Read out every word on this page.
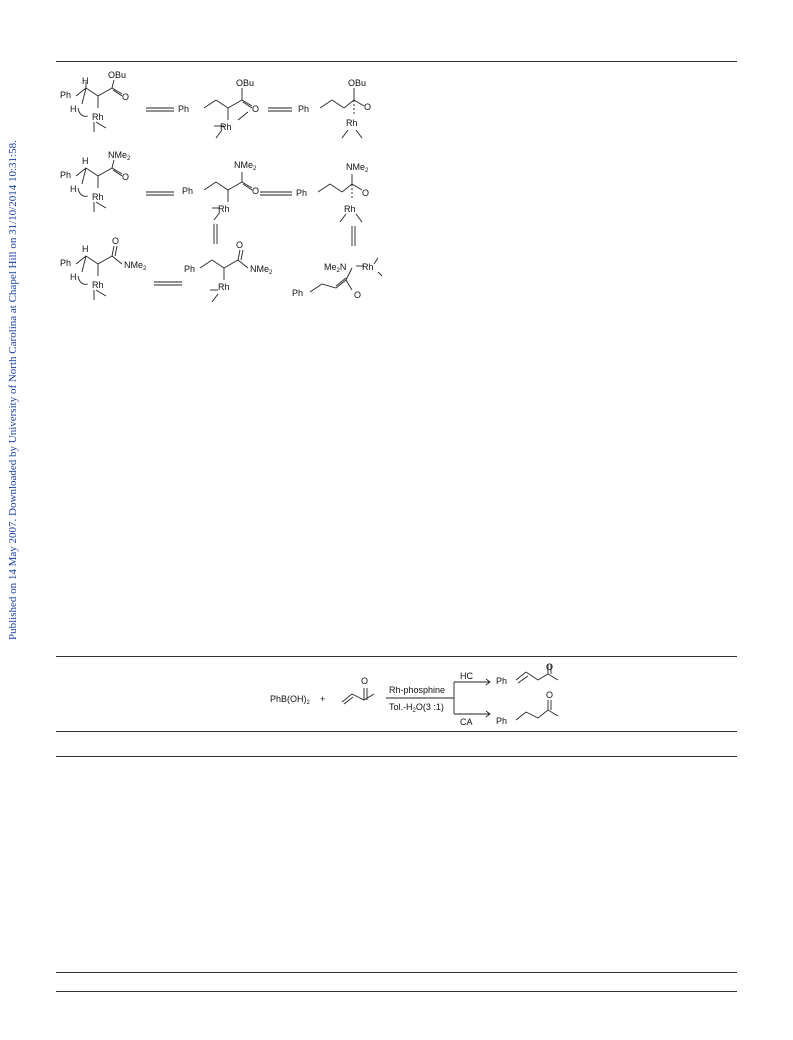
Published on 14 May 2007. Downloaded by University of North Carolina at Chapel Hill on 31/10/2014 10:31:58.
Ph
H
OBu
O
H
Rh
Ph
OBu
O
Rh
Ph
OBu
O
Rh
Ph
H
NMe$_2$
O
H
Rh
Ph
NMe$_2$
O
Rh
Ph
NMe$_2$
O
Rh
Ph
H
O
NMe$_2$
H
Rh
Ph
O
NMe$_2$
Rh
Ph
$Me_2N$ Rh
O
$PhB(OH)_2$ +
O
Rh-phosphine
$Tol.-H_2O(3$ :1)
HC
CA
Ph
O
Ph
O
